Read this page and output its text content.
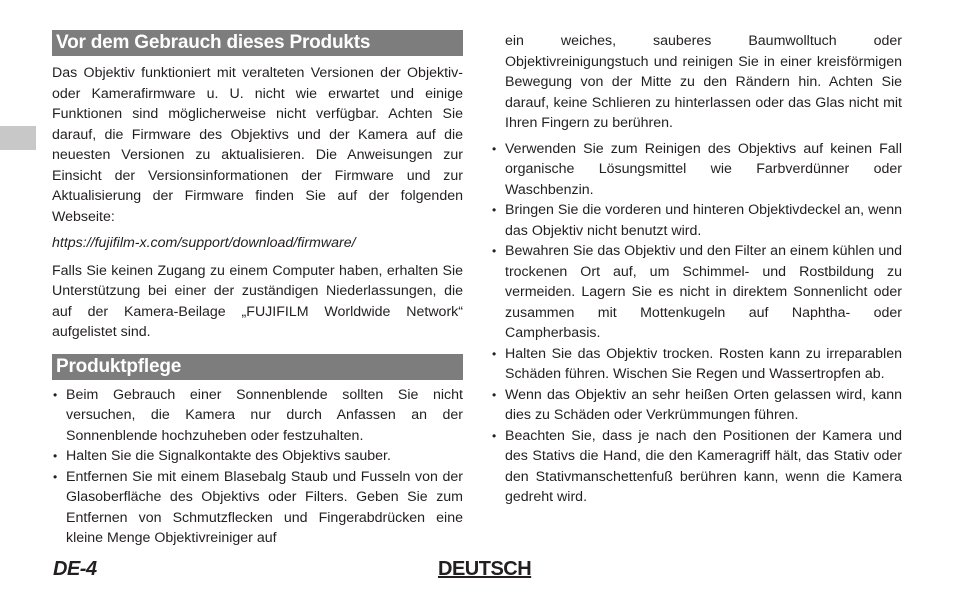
Vor dem Gebrauch dieses Produkts

Das Objektiv funktioniert mit veralteten Versionen der Objektiv- oder Kamerafirmware u. U. nicht wie erwartet und einige Funktionen sind möglicherweise nicht verfügbar. Achten Sie darauf, die Firmware des Objektivs und der Kamera auf die neuesten Versionen zu aktualisieren. Die Anweisungen zur Einsicht der Versionsinformationen der Firmware und zur Aktualisierung der Firmware finden Sie auf der folgenden Webseite:

https://fujifilm-x.com/support/download/firmware/

Falls Sie keinen Zugang zu einem Computer haben, erhalten Sie Unterstützung bei einer der zuständigen Niederlassungen, die auf der Kamera-Beilage „FUJIFILM Worldwide Network“ aufgelistet sind.

Produktpflege
• Beim Gebrauch einer Sonnenblende sollten Sie nicht versuchen, die Kamera nur durch Anfassen an der Sonnenblende hochzuheben oder festzuhalten.
• Halten Sie die Signalkontakte des Objektivs sauber.
• Entfernen Sie mit einem Blasebalg Staub und Fusseln von der Glasoberfläche des Objektivs oder Filters. Geben Sie zum Entfernen von Schmutzflecken und Fingerabdrücken eine kleine Menge Objektivreiniger auf

ein weiches, sauberes Baumwolltuch oder Objektivreinigungstuch und reinigen Sie in einer kreisförmigen Bewegung von der Mitte zu den Rändern hin. Achten Sie darauf, keine Schlieren zu hinterlassen oder das Glas nicht mit Ihren Fingern zu berühren.

• Verwenden Sie zum Reinigen des Objektivs auf keinen Fall organische Lösungsmittel wie Farbverdünner oder Waschbenzin.
• Bringen Sie die vorderen und hinteren Objektivdeckel an, wenn das Objektiv nicht benutzt wird.
• Bewahren Sie das Objektiv und den Filter an einem kühlen und trockenen Ort auf, um Schimmel- und Rostbildung zu vermeiden. Lagern Sie es nicht in direktem Sonnenlicht oder zusammen mit Mottenkugeln auf Naphtha- oder Campherbasis.
• Halten Sie das Objektiv trocken. Rosten kann zu irreparablen Schäden führen. Wischen Sie Regen und Wassertropfen ab.
• Wenn das Objektiv an sehr heißen Orten gelassen wird, kann dies zu Schäden oder Verkrümmungen führen.
• Beachten Sie, dass je nach den Positionen der Kamera und des Stativs die Hand, die den Kameragriff hält, das Stativ oder den Stativmanschettenfuß berühren kann, wenn die Kamera gedreht wird.
DE-4	DEUTSCH
